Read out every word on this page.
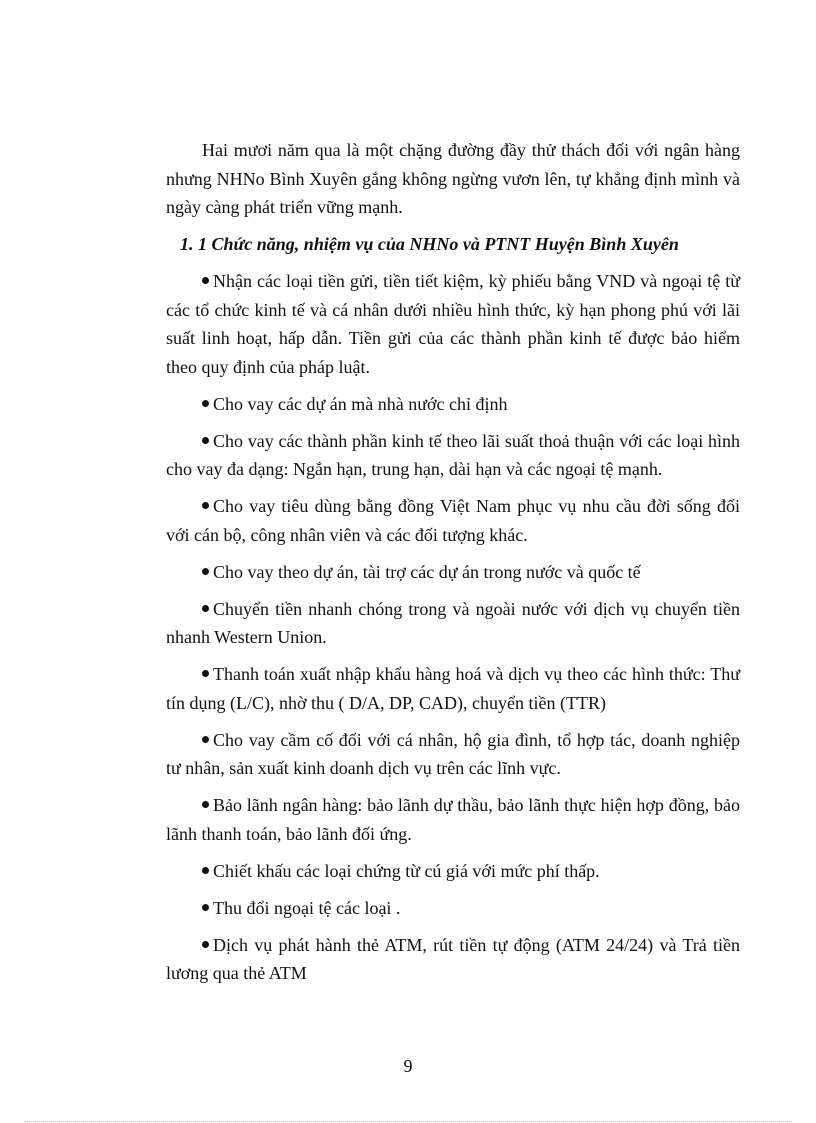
Hai mươi năm qua là một chặng đường đầy thử thách đối với ngân hàng nhưng NHNo Bình Xuyên gắng không ngừng vươn lên, tự khẳng định mình và ngày càng phát triển vững mạnh.

1. 1 Chức năng, nhiệm vụ của NHNo và PTNT Huyện Bình Xuyên

Nhận các loại tiền gửi, tiền tiết kiệm, kỳ phiếu bằng VND và ngoại tệ từ các tổ chức kinh tế và cá nhân dưới nhiều hình thức, kỳ hạn phong phú với lãi suất linh hoạt, hấp dẫn. Tiền gửi của các thành phần kinh tế được bảo hiểm theo quy định của pháp luật.

Cho vay các dự án mà nhà nước chỉ định

Cho vay các thành phần kinh tế theo lãi suất thoả thuận với các loại hình cho vay đa dạng: Ngắn hạn, trung hạn, dài hạn và các ngoại tệ mạnh.

Cho vay tiêu dùng bằng đồng Việt Nam phục vụ nhu cầu đời sống đối với cán bộ, công nhân viên và các đối tượng khác.

Cho vay theo dự án, tài trợ các dự án trong nước và quốc tế

Chuyển tiền nhanh chóng trong và ngoài nước với dịch vụ chuyển tiền nhanh Western Union.

Thanh toán xuất nhập khẩu hàng hoá và dịch vụ theo các hình thức: Thư tín dụng (L/C), nhờ thu ( D/A, DP, CAD), chuyển tiền (TTR)

Cho vay cầm cố đối với cá nhân, hộ gia đình, tổ hợp tác, doanh nghiệp tư nhân, sản xuất kinh doanh dịch vụ trên các lĩnh vực.

Bảo lãnh ngân hàng: bảo lãnh dự thầu, bảo lãnh thực hiện hợp đồng, bảo lãnh thanh toán, bảo lãnh đối ứng.

Chiết khấu các loại chứng từ cú giá với mức phí thấp.

Thu đổi ngoại tệ các loại .

Dịch vụ phát hành thẻ ATM, rút tiền tự động (ATM 24/24) và Trả tiền lương qua thẻ ATM

9
